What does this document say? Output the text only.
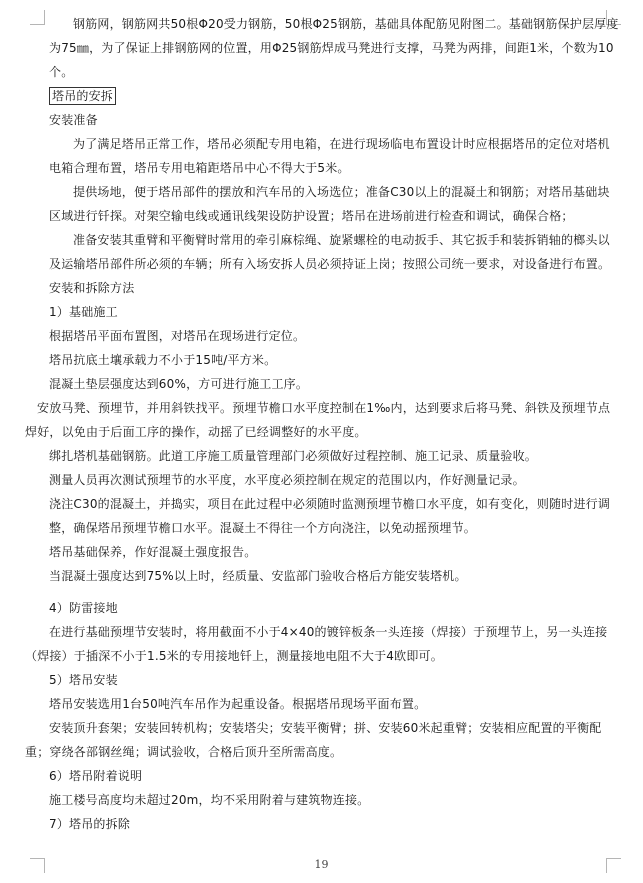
钢筋网，钢筋网共50根Φ20受力钢筋，50根Φ25钢筋，基础具体配筋见附图二。基础钢筋保护层厚度为75㎜，为了保证上排钢筋网的位置，用Φ25钢筋焊成马凳进行支撑，马凳为两排，间距1米，个数为10个。

塔吊的安拆

安装准备

为了满足塔吊正常工作，塔吊必须配专用电箱，在进行现场临电布置设计时应根据塔吊的定位对塔机电箱合理布置，塔吊专用电箱距塔吊中心不得大于5米。

提供场地，便于塔吊部件的摆放和汽车吊的入场选位；准备C30以上的混凝土和钢筋；对塔吊基础块区域进行钎探。对架空输电线或通讯线架设防护设置；塔吊在进场前进行检查和调试，确保合格；

准备安装其重臂和平衡臂时常用的牵引麻棕绳、旋紧螺栓的电动扳手、其它扳手和装拆销轴的榔头以及运输塔吊部件所必须的车辆；所有入场安拆人员必须持证上岗；按照公司统一要求，对设备进行布置。

安装和拆除方法

1）基础施工

根据塔吊平面布置图，对塔吊在现场进行定位。

塔吊抗底土壤承载力不小于15吨/平方米。

混凝土垫层强度达到60%，方可进行施工工序。

安放马凳、预埋节，并用斜铁找平。预埋节檐口水平度控制在1‰内，达到要求后将马凳、斜铁及预埋节点焊好，以免由于后面工序的操作，动摇了已经调整好的水平度。

绑扎塔机基础钢筋。此道工序施工质量管理部门必须做好过程控制、施工记录、质量验收。

测量人员再次测试预埋节的水平度，水平度必须控制在规定的范围以内，作好测量记录。

浇注C30的混凝土，并捣实，项目在此过程中必须随时监测预埋节檐口水平度，如有变化，则随时进行调整，确保塔吊预埋节檐口水平。混凝土不得往一个方向浇注，以免动摇预埋节。

塔吊基础保养，作好混凝土强度报告。

当混凝土强度达到75%以上时，经质量、安监部门验收合格后方能安装塔机。

4）防雷接地

在进行基础预埋节安装时，将用截面不小于4×40的镀锌板条一头连接（焊接）于预埋节上，另一头连接（焊接）于插深不小于1.5米的专用接地钎上，测量接地电阻不大于4欧即可。

5）塔吊安装

塔吊安装选用1台50吨汽车吊作为起重设备。根据塔吊现场平面布置。

安装顶升套架；安装回转机构；安装塔尖；安装平衡臂；拼、安装60米起重臂；安装相应配置的平衡配重；穿绕各部钢丝绳；调试验收，合格后顶升至所需高度。

6）塔吊附着说明

施工楼号高度均未超过20m，均不采用附着与建筑物连接。

7）塔吊的拆除

19
